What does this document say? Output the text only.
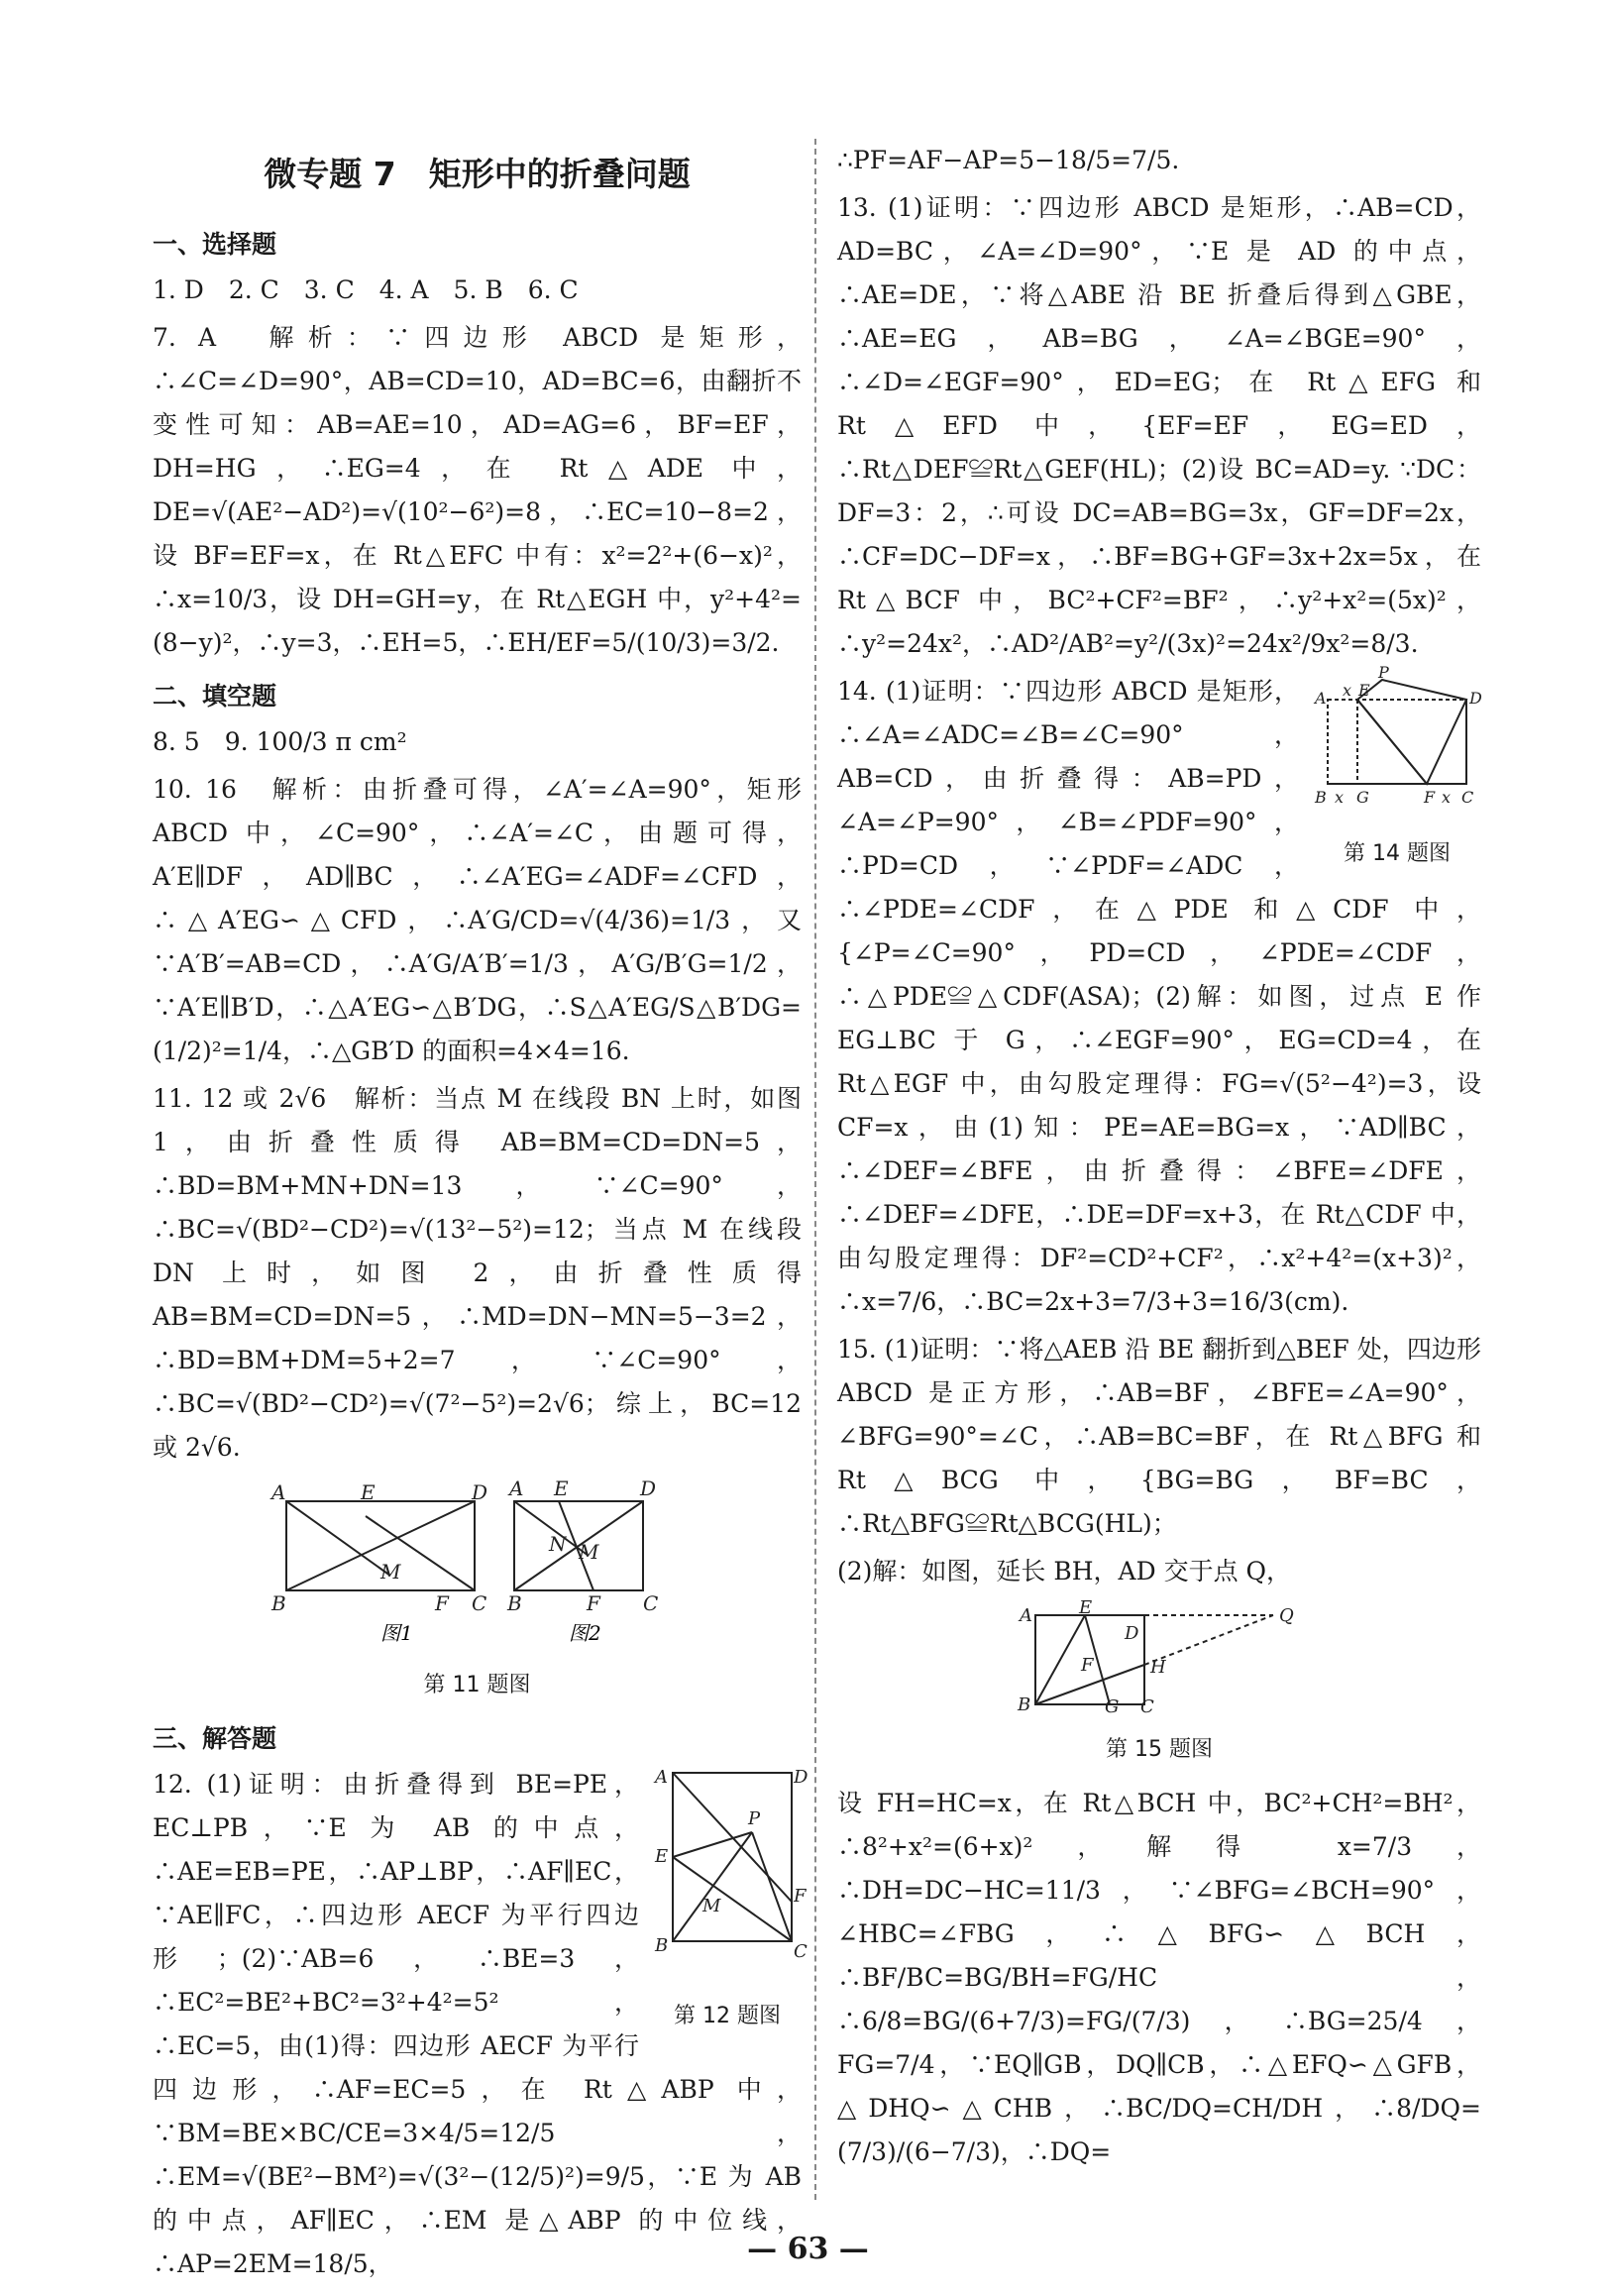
微专题 7　矩形中的折叠问题
一、选择题

1. D　2. C　3. C　4. A　5. B　6. C

7. A　解析：∵四边形 ABCD 是矩形，∴∠C=∠D=90°，AB=CD=10，AD=BC=6，由翻折不变性可知：AB=AE=10，AD=AG=6，BF=EF，DH=HG，∴EG=4，在 Rt△ADE 中，DE=√(AE²−AD²)=√(10²−6²)=8，∴EC=10−8=2，设 BF=EF=x，在 Rt△EFC 中有：x²=2²+(6−x)²，∴x=10/3，设 DH=GH=y，在 Rt△EGH 中，y²+4²=(8−y)²，∴y=3，∴EH=5，∴EH/EF=5/(10/3)=3/2.

二、填空题

8. 5　9. 100/3 π cm²

10. 16　解析：由折叠可得，∠A′=∠A=90°，矩形 ABCD 中，∠C=90°，∴∠A′=∠C，由题可得，A′E∥DF，AD∥BC，∴∠A′EG=∠ADF=∠CFD，∴△A′EG∽△CFD，∴A′G/CD=√(4/36)=1/3，又∵A′B′=AB=CD，∴A′G/A′B′=1/3，A′G/B′G=1/2，∵A′E∥B′D，∴△A′EG∽△B′DG，∴S△A′EG/S△B′DG=(1/2)²=1/4，∴△GB′D 的面积=4×4=16.

11. 12 或 2√6　解析：当点 M 在线段 BN 上时，如图 1，由折叠性质得 AB=BM=CD=DN=5，∴BD=BM+MN+DN=13，∵∠C=90°，∴BC=√(BD²−CD²)=√(13²−5²)=12；当点 M 在线段 DN 上时，如图 2，由折叠性质得 AB=BM=CD=DN=5，∴MD=DN−MN=5−3=2，∴BD=BM+DM=5+2=7，∵∠C=90°，∴BC=√(BD²−CD²)=√(7²−5²)=2√6；综上，BC=12 或 2√6.

A	E	D
B	F C
M
A E	D
B	F C
N M
图1	图2
第 11 题图
三、解答题
A	D
E
F
B	C
P
M
第 12 题图

12. (1)证明：由折叠得到 BE=PE，EC⊥PB，∵E 为 AB 的中点，∴AE=EB=PE，∴AP⊥BP，∴AF∥EC，∵AE∥FC，∴四边形 AECF 为平行四边形；(2)∵AB=6，∴BE=3，∴EC²=BE²+BC²=3²+4²=5²，∴EC=5，由(1)得：四边形 AECF 为平行四边形，∴AF=EC=5，在 Rt△ABP 中，∵BM=BE×BC/CE=3×4/5=12/5，∴EM=√(BE²−BM²)=√(3²−(12/5)²)=9/5，∵E 为 AB 的中点，AF∥EC，∴EM 是△ABP 的中位线，∴AP=2EM=18/5，

∴PF=AF−AP=5−18/5=7/5.

13. (1)证明：∵四边形 ABCD 是矩形，∴AB=CD，AD=BC，∠A=∠D=90°，∵E 是 AD 的中点，∴AE=DE，∵将△ABE 沿 BE 折叠后得到△GBE，∴AE=EG，AB=BG，∠A=∠BGE=90°，∴∠D=∠EGF=90°，ED=EG；在 Rt△EFG 和 Rt△EFD 中，{EF=EF，EG=ED，∴Rt△DEF≌Rt△GEF(HL)；(2)设 BC=AD=y. ∵DC：DF=3：2，∴可设 DC=AB=BG=3x，GF=DF=2x，∴CF=DC−DF=x，∴BF=BG+GF=3x+2x=5x，在 Rt△BCF 中，BC²+CF²=BF²，∴y²+x²=(5x)²，∴y²=24x²，∴AD²/AB²=y²/(3x)²=24x²/9x²=8/3.

A x E
P
D
B x G	F x C
第 14 题图

14. (1)证明：∵四边形 ABCD 是矩形，∴∠A=∠ADC=∠B=∠C=90°，AB=CD，由折叠得：AB=PD，∠A=∠P=90°，∠B=∠PDF=90°，∴PD=CD，∵∠PDF=∠ADC，∴∠PDE=∠CDF，在△PDE 和△CDF 中，{∠P=∠C=90°，PD=CD，∠PDE=∠CDF，∴△PDE≌△CDF(ASA)；(2)解：如图，过点 E 作 EG⊥BC 于 G，∴∠EGF=90°，EG=CD=4，在 Rt△EGF 中，由勾股定理得：FG=√(5²−4²)=3，设 CF=x，由(1)知：PE=AE=BG=x，∵AD∥BC，∴∠DEF=∠BFE，由折叠得：∠BFE=∠DFE，∴∠DEF=∠DFE，∴DE=DF=x+3，在 Rt△CDF 中，由勾股定理得：DF²=CD²+CF²，∴x²+4²=(x+3)²，∴x=7/6，∴BC=2x+3=7/3+3=16/3(cm).

15. (1)证明：∵将△AEB 沿 BE 翻折到△BEF 处，四边形 ABCD 是正方形，∴AB=BF，∠BFE=∠A=90°，∠BFG=90°=∠C，∴AB=BC=BF，在 Rt△BFG 和 Rt△BCG 中，{BG=BG，BF=BC，∴Rt△BFG≌Rt△BCG(HL)；

(2)解：如图，延长 BH，AD 交于点 Q，

A	E
D
Q
H
F
B	G C
第 15 题图

设 FH=HC=x，在 Rt△BCH 中，BC²+CH²=BH²，∴8²+x²=(6+x)²，解得 x=7/3，∴DH=DC−HC=11/3，∵∠BFG=∠BCH=90°，∠HBC=∠FBG，∴△BFG∽△BCH，∴BF/BC=BG/BH=FG/HC，∴6/8=BG/(6+7/3)=FG/(7/3)，∴BG=25/4，FG=7/4，∵EQ∥GB，DQ∥CB，∴△EFQ∽△GFB，△DHQ∽△CHB，∴BC/DQ=CH/DH，∴8/DQ=(7/3)/(6−7/3)，∴DQ=

— 63 —
